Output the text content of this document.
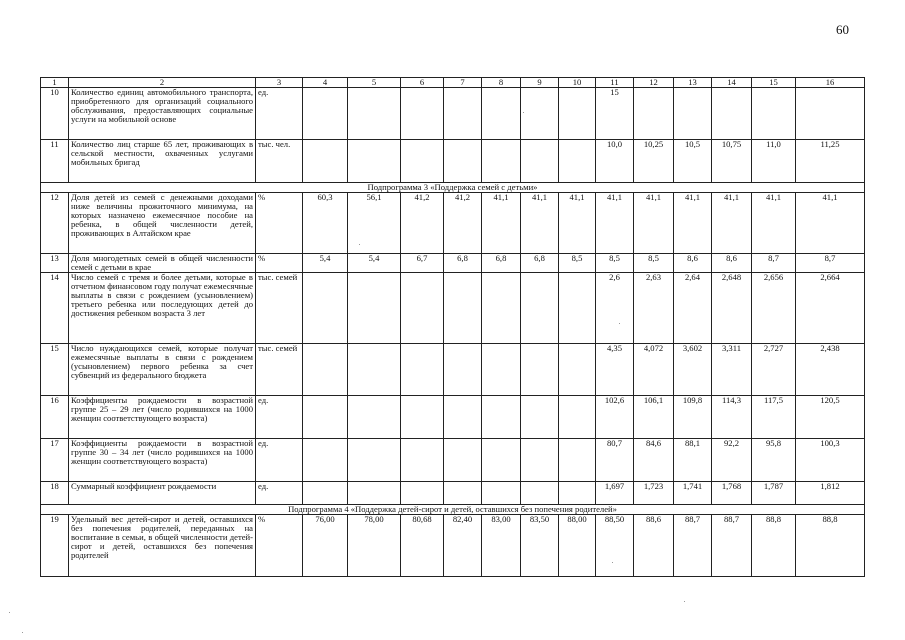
60
1	2	3	4	5	6	7	8	9	10	11	12	13	14	15	16
10	Количество единиц автомобильного транспорта, приобретенного для организаций социального обслуживания, предоставляющих социальные услуги на мобильной основе	ед.								15					
11	Количество лиц старше 65 лет, проживающих в сельской местности, охваченных услугами мобильных бригад	тыс. чел.								10,0	10,25	10,5	10,75	11,0	11,25
Подпрограмма 3 «Поддержка семей с детьми»															
12	Доля детей из семей с денежными доходами ниже величины прожиточного минимума, на которых назначено ежемесячное пособие на ребенка, в общей численности детей, проживающих в Алтайском крае	%	60,3	56,1	41,2	41,2	41,1	41,1	41,1	41,1	41,1	41,1	41,1	41,1	41,1
13	Доля многодетных семей в общей численности семей с детьми в крае	%	5,4	5,4	6,7	6,8	6,8	6,8	8,5	8,5	8,5	8,6	8,6	8,7	8,7
14	Число семей с тремя и более детьми, которые в отчетном финансовом году получат ежемесячные выплаты в связи с рождением (усыновлением) третьего ребенка или последующих детей до достижения ребенком возраста 3 лет	тыс. семей								2,6	2,63	2,64	2,648	2,656	2,664
15	Число нуждающихся семей, которые получат ежемесячные выплаты в связи с рождением (усыновлением) первого ребенка за счет субвенций из федерального бюджета	тыс. семей								4,35	4,072	3,602	3,311	2,727	2,438
16	Коэффициенты рождаемости в возрастной группе 25 – 29 лет (число родившихся на 1000 женщин соответствующего возраста)	ед.								102,6	106,1	109,8	114,3	117,5	120,5
17	Коэффициенты рождаемости в возрастной группе 30 – 34 лет (число родившихся на 1000 женщин соответствующего возраста)	ед.								80,7	84,6	88,1	92,2	95,8	100,3
18	Суммарный коэффициент рождаемости	ед.								1,697	1,723	1,741	1,768	1,787	1,812
Подпрограмма 4 «Поддержка детей-сирот и детей, оставшихся без попечения родителей»															
19	Удельный вес детей-сирот и детей, оставшихся без попечения родителей, переданных на воспитание в семьи, в общей численности детей-сирот и детей, оставшихся без попечения родителей	%	76,00	78,00	80,68	82,40	83,00	83,50	88,00	88,50	88,6	88,7	88,7	88,8	88,8
